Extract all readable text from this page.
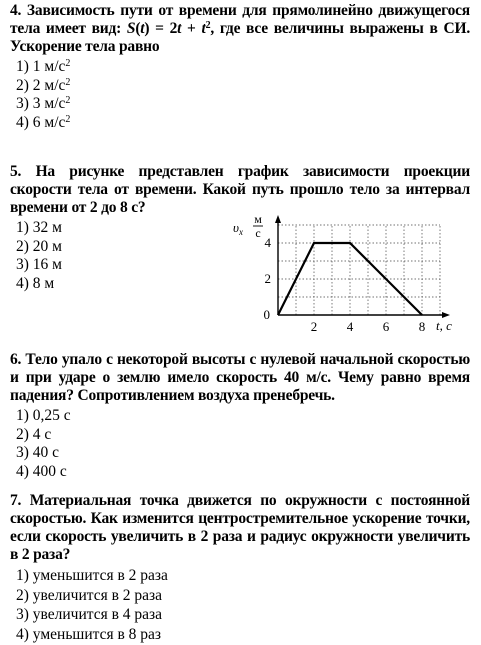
4. Зависимость пути от времени для прямолинейно движущегося тела имеет вид: $S(t) = 2t + t^2$, где все величины выражены в СИ. Ускорение тела равно

1) 1 $м/с^2$
2) 2 $м/с^2$
3) 3 $м/с^2$
4) 6 $м/с^2$

5. На рисунке представлен график зависимости проекции скорости тела от времени. Какой путь прошло тело за интервал времени от 2 до 8 с?

1) 32 м
2) 20 м
3) 16 м
4) 8 м
2 4 6 8
2
4
0
$\upsilon_x$
м
с
t, с

6. Тело упало с некоторой высоты с нулевой начальной скоростью и при ударе о землю имело скорость 40 м/с. Чему равно время падения? Сопротивлением воздуха пренебречь.

1) 0,25 с
2) 4 с
3) 40 с
4) 400 с

7. Материальная точка движется по окружности с постоянной скоростью. Как изменится центростремительное ускорение точки, если скорость увеличить в 2 раза и радиус окружности увеличить в 2 раза?

1) уменьшится в 2 раза
2) увеличится в 2 раза
3) увеличится в 4 раза
4) уменьшится в 8 раз
